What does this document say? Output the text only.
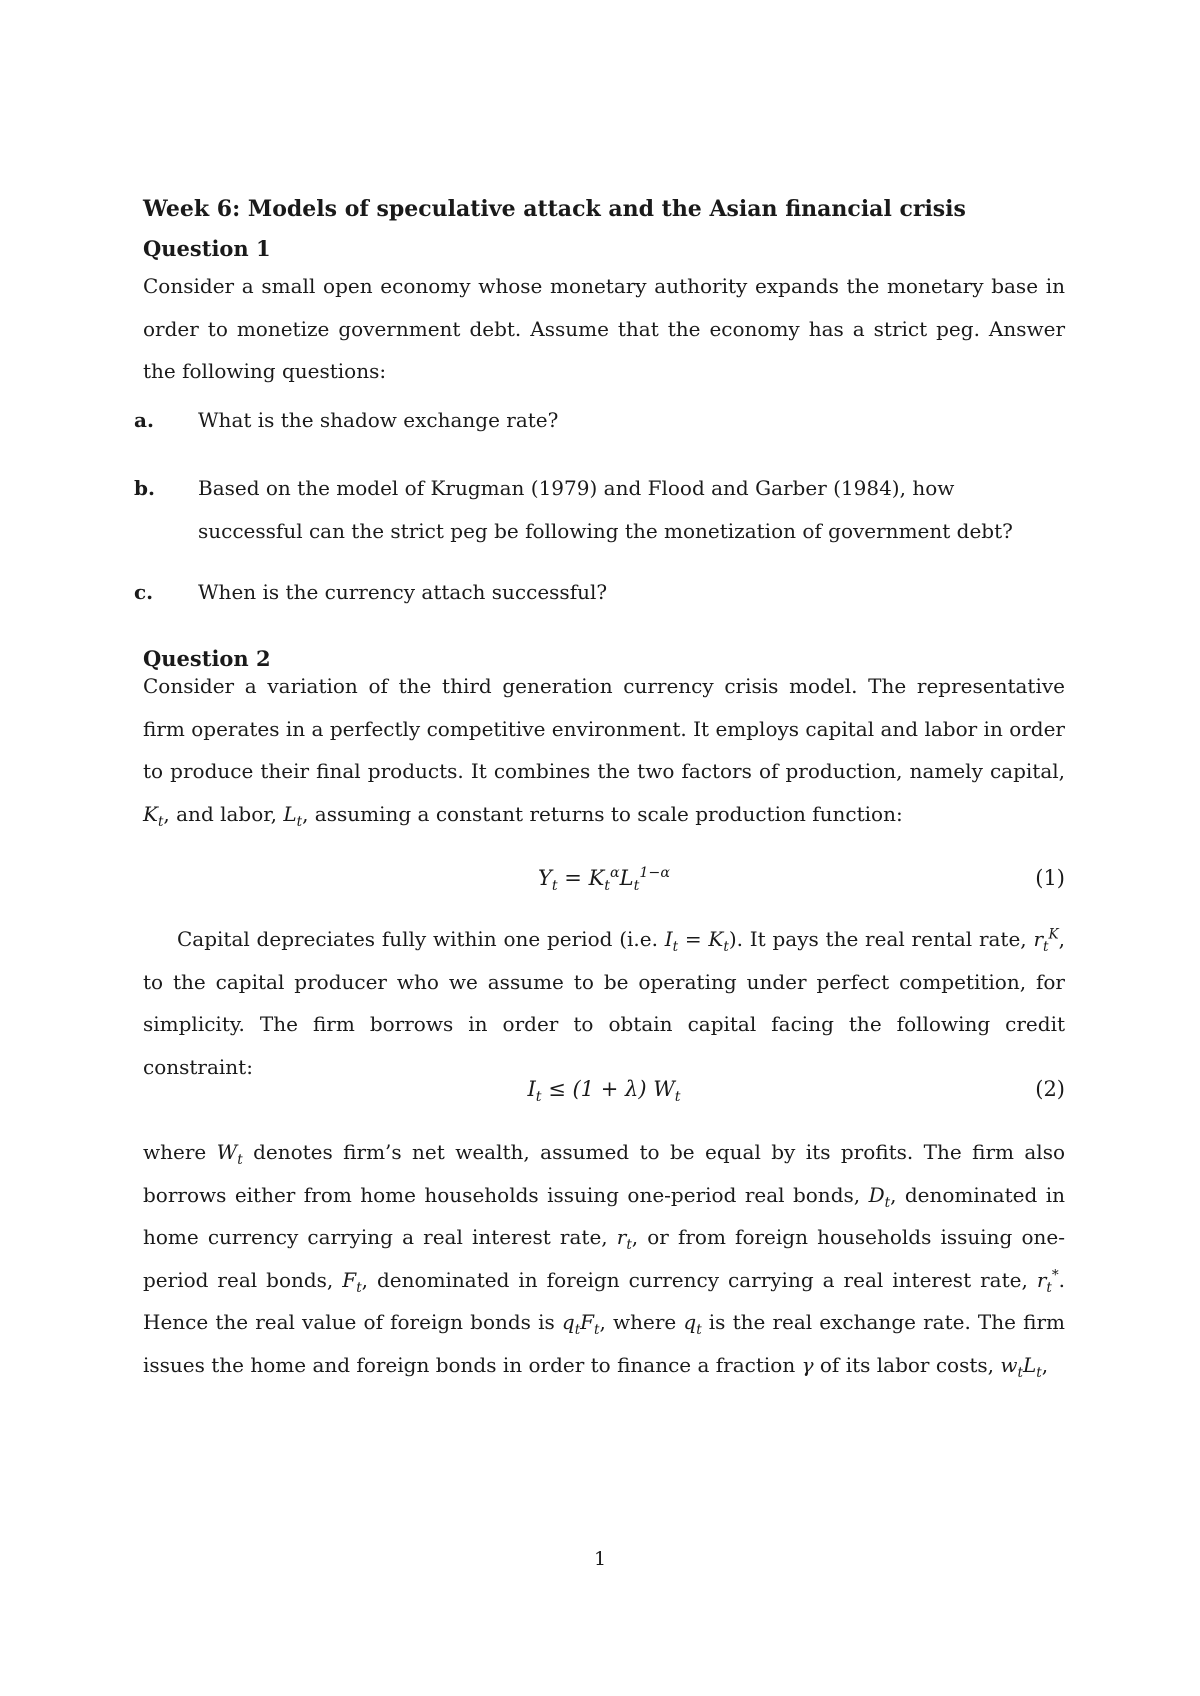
Week 6: Models of speculative attack and the Asian financial crisis
Question 1
Consider a small open economy whose monetary authority expands the monetary base in order to monetize government debt. Assume that the economy has a strict peg. Answer the following questions:
a. What is the shadow exchange rate?
b. Based on the model of Krugman (1979) and Flood and Garber (1984), how successful can the strict peg be following the monetization of government debt?
c. When is the currency attach successful?
Question 2
Consider a variation of the third generation currency crisis model. The representative firm operates in a perfectly competitive environment. It employs capital and labor in order to produce their final products. It combines the two factors of production, namely capital, $K_t$, and labor, $L_t$, assuming a constant returns to scale production function:
$Y_t = K_t^\alpha L_t^{1-\alpha}$	(1)
Capital depreciates fully within one period (i.e. $I_t = K_t$). It pays the real rental rate, $r_t^K$, to the capital producer who we assume to be operating under perfect competition, for simplicity. The firm borrows in order to obtain capital facing the following credit constraint:
$I_t \le (1 + \lambda)$ $W_t$	(2)
where $W_t$ denotes firm’s net wealth, assumed to be equal by its profits. The firm also borrows either from home households issuing one-period real bonds, $D_t$, denominated in home currency carrying a real interest rate, $r_t$, or from foreign households issuing one-period real bonds, $F_t$, denominated in foreign currency carrying a real interest rate, $r_t^*$. Hence the real value of foreign bonds is $q_tF_t$, where $q_t$ is the real exchange rate. The firm issues the home and foreign bonds in order to finance a fraction γ of its labor costs, $w_tL_t$,
1
